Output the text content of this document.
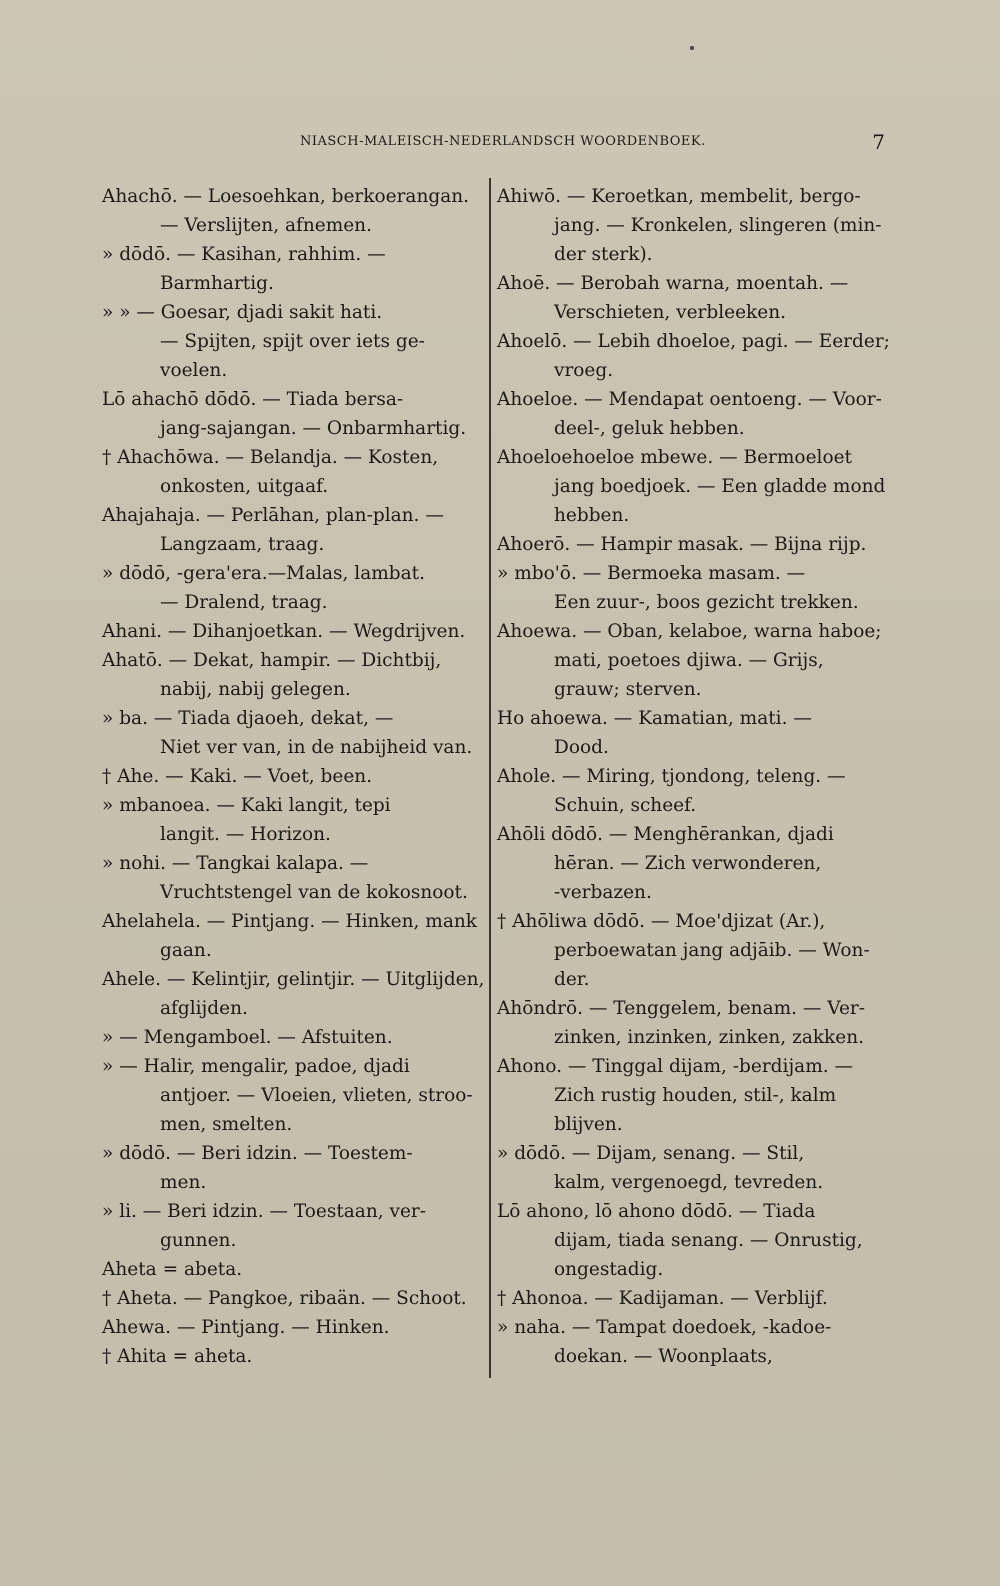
NIASCH-MALEISCH-NEDERLANDSCH WOORDENBOEK.	7
Ahachō. — Loesoehkan, berkoerangan.
— Verslijten, afnemen.
» dōdō. — Kasihan, rahhim. —
Barmhartig.
» » — Goesar, djadi sakit hati.
— Spijten, spijt over iets ge-
voelen.
Lō ahachō dōdō. — Tiada bersa-
jang-sajangan. — Onbarmhartig.
† Ahachōwa. — Belandja. — Kosten,
onkosten, uitgaaf.
Ahajahaja. — Perlāhan, plan-plan. —
Langzaam, traag.
» dōdō, -gera'era.—Malas, lambat.
— Dralend, traag.
Ahani. — Dihanjoetkan. — Wegdrijven.
Ahatō. — Dekat, hampir. — Dichtbij,
nabij, nabij gelegen.
» ba. — Tiada djaoeh, dekat, —
Niet ver van, in de nabijheid van.
† Ahe. — Kaki. — Voet, been.
» mbanoea. — Kaki langit, tepi
langit. — Horizon.
» nohi. — Tangkai kalapa. —
Vruchtstengel van de kokosnoot.
Ahelahela. — Pintjang. — Hinken, mank
gaan.
Ahele. — Kelintjir, gelintjir. — Uitglijden,
afglijden.
» — Mengamboel. — Afstuiten.
» — Halir, mengalir, padoe, djadi
antjoer. — Vloeien, vlieten, stroo-
men, smelten.
» dōdō. — Beri idzin. — Toestem-
men.
» li. — Beri idzin. — Toestaan, ver-
gunnen.
Aheta = abeta.
† Aheta. — Pangkoe, ribaän. — Schoot.
Ahewa. — Pintjang. — Hinken.
† Ahita = aheta.
Ahiwō. — Keroetkan, membelit, bergo-
jang. — Kronkelen, slingeren (min-
der sterk).
Ahoē. — Berobah warna, moentah. —
Verschieten, verbleeken.
Ahoelō. — Lebih dhoeloe, pagi. — Eerder;
vroeg.
Ahoeloe. — Mendapat oentoeng. — Voor-
deel-, geluk hebben.
Ahoeloehoeloe mbewe. — Bermoeloet
jang boedjoek. — Een gladde mond
hebben.
Ahoerō. — Hampir masak. — Bijna rijp.
» mbo'ō. — Bermoeka masam. —
Een zuur-, boos gezicht trekken.
Ahoewa. — Oban, kelaboe, warna haboe;
mati, poetoes djiwa. — Grijs,
grauw; sterven.
Ho ahoewa. — Kamatian, mati. —
Dood.
Ahole. — Miring, tjondong, teleng. —
Schuin, scheef.
Ahōli dōdō. — Menghērankan, djadi
hēran. — Zich verwonderen,
-verbazen.
† Ahōliwa dōdō. — Moe'djizat (Ar.),
perboewatan jang adjāib. — Won-
der.
Ahōndrō. — Tenggelem, benam. — Ver-
zinken, inzinken, zinken, zakken.
Ahono. — Tinggal dijam, -berdijam. —
Zich rustig houden, stil-, kalm
blijven.
» dōdō. — Dijam, senang. — Stil,
kalm, vergenoegd, tevreden.
Lō ahono, lō ahono dōdō. — Tiada
dijam, tiada senang. — Onrustig,
ongestadig.
† Ahonoa. — Kadijaman. — Verblijf.
» naha. — Tampat doedoek, -kadoe-
doekan. — Woonplaats,
